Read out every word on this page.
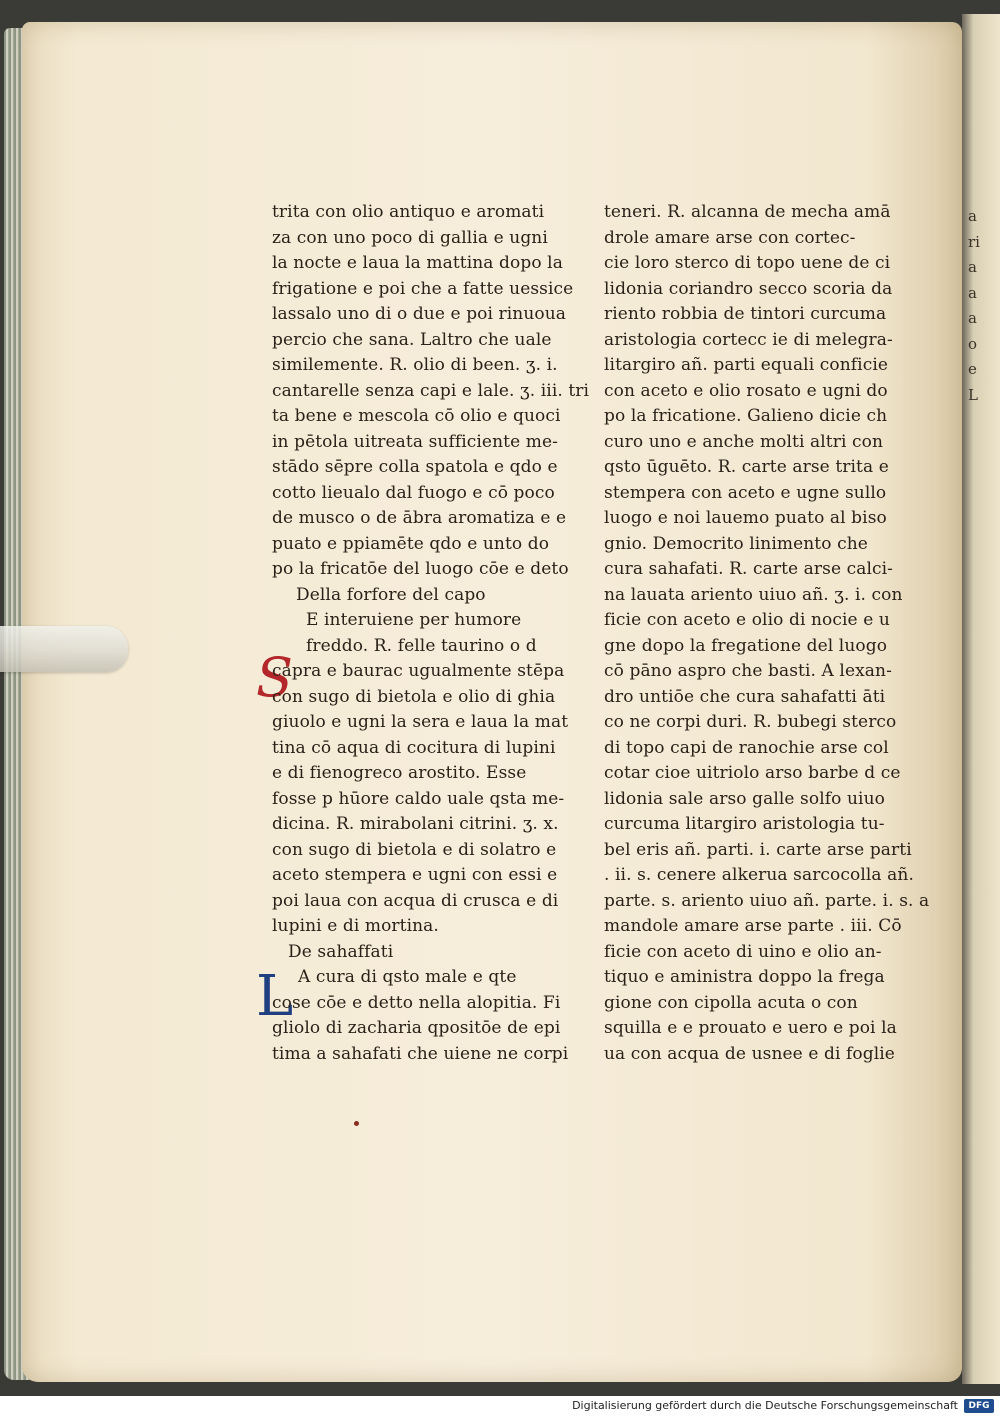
a
ri
a
a
a
o
e
L
S
L
trita con olio antiquo e aromati
za con uno poco di gallia e ugni
la nocte e laua la mattina dopo la
frigatione e poi che a fatte uessice
lassalo uno di o due e poi rinuoua
percio che sana. Laltro che uale
similemente. R. olio di been. ʒ. i.
cantarelle senza capi e lale. ʒ. iii. tri
ta bene e mescola cō olio e quoci
in pētola uitreata sufficiente me-
stādo sēpre colla spatola e qdo e
cotto lieualo dal fuogo e cō poco
de musco o de ābra aromatiza e e
puato e ppiamēte qdo e unto do
po la fricatōe del luogo cōe e deto
Della forfore del capo
E interuiene per humore
freddo. R. felle taurino o d
capra e baurac ugualmente stēpa
con sugo di bietola e olio di ghia
giuolo e ugni la sera e laua la mat
tina cō aqua di cocitura di lupini
e di fienogreco arostito. Esse
fosse p hūore caldo uale qsta me-
dicina. R. mirabolani citrini. ʒ. x.
con sugo di bietola e di solatro e
aceto stempera e ugni con essi e
poi laua con acqua di crusca e di
lupini e di mortina.
De sahaffati
A cura di qsto male e qte
cose cōe e detto nella alopitia. Fi
gliolo di zacharia qpositōe de epi
tima a sahafati che uiene ne corpi
teneri. R. alcanna de mecha amā
drole amare arse con cortec-
cie loro sterco di topo uene de ci
lidonia coriandro secco scoria da
riento robbia de tintori curcuma
aristologia cortecc ie di melegra-
litargiro añ. parti equali conficie
con aceto e olio rosato e ugni do
po la fricatione. Galieno dicie ch
curo uno e anche molti altri con
qsto ūguēto. R. carte arse trita e
stempera con aceto e ugne sullo
luogo e noi lauemo puato al biso
gnio. Democrito linimento che
cura sahafati. R. carte arse calci-
na lauata ariento uiuo añ. ʒ. i. con
ficie con aceto e olio di nocie e u
gne dopo la fregatione del luogo
cō pāno aspro che basti. A lexan-
dro untiōe che cura sahafatti āti
co ne corpi duri. R. bubegi sterco
di topo capi de ranochie arse col
cotar cioe uitriolo arso barbe d ce
lidonia sale arso galle solfo uiuo
curcuma litargiro aristologia tu-
bel eris añ. parti. i. carte arse parti
. ii. s. cenere alkerua sarcocolla añ.
parte. s. ariento uiuo añ. parte. i. s. a
mandole amare arse parte . iii. Cō
ficie con aceto di uino e olio an-
tiquo e aministra doppo la frega
gione con cipolla acuta o con
squilla e e prouato e uero e poi la
ua con acqua de usnee e di foglie
Digitalisierung gefördert durch die Deutsche Forschungsgemeinschaft	DFG
